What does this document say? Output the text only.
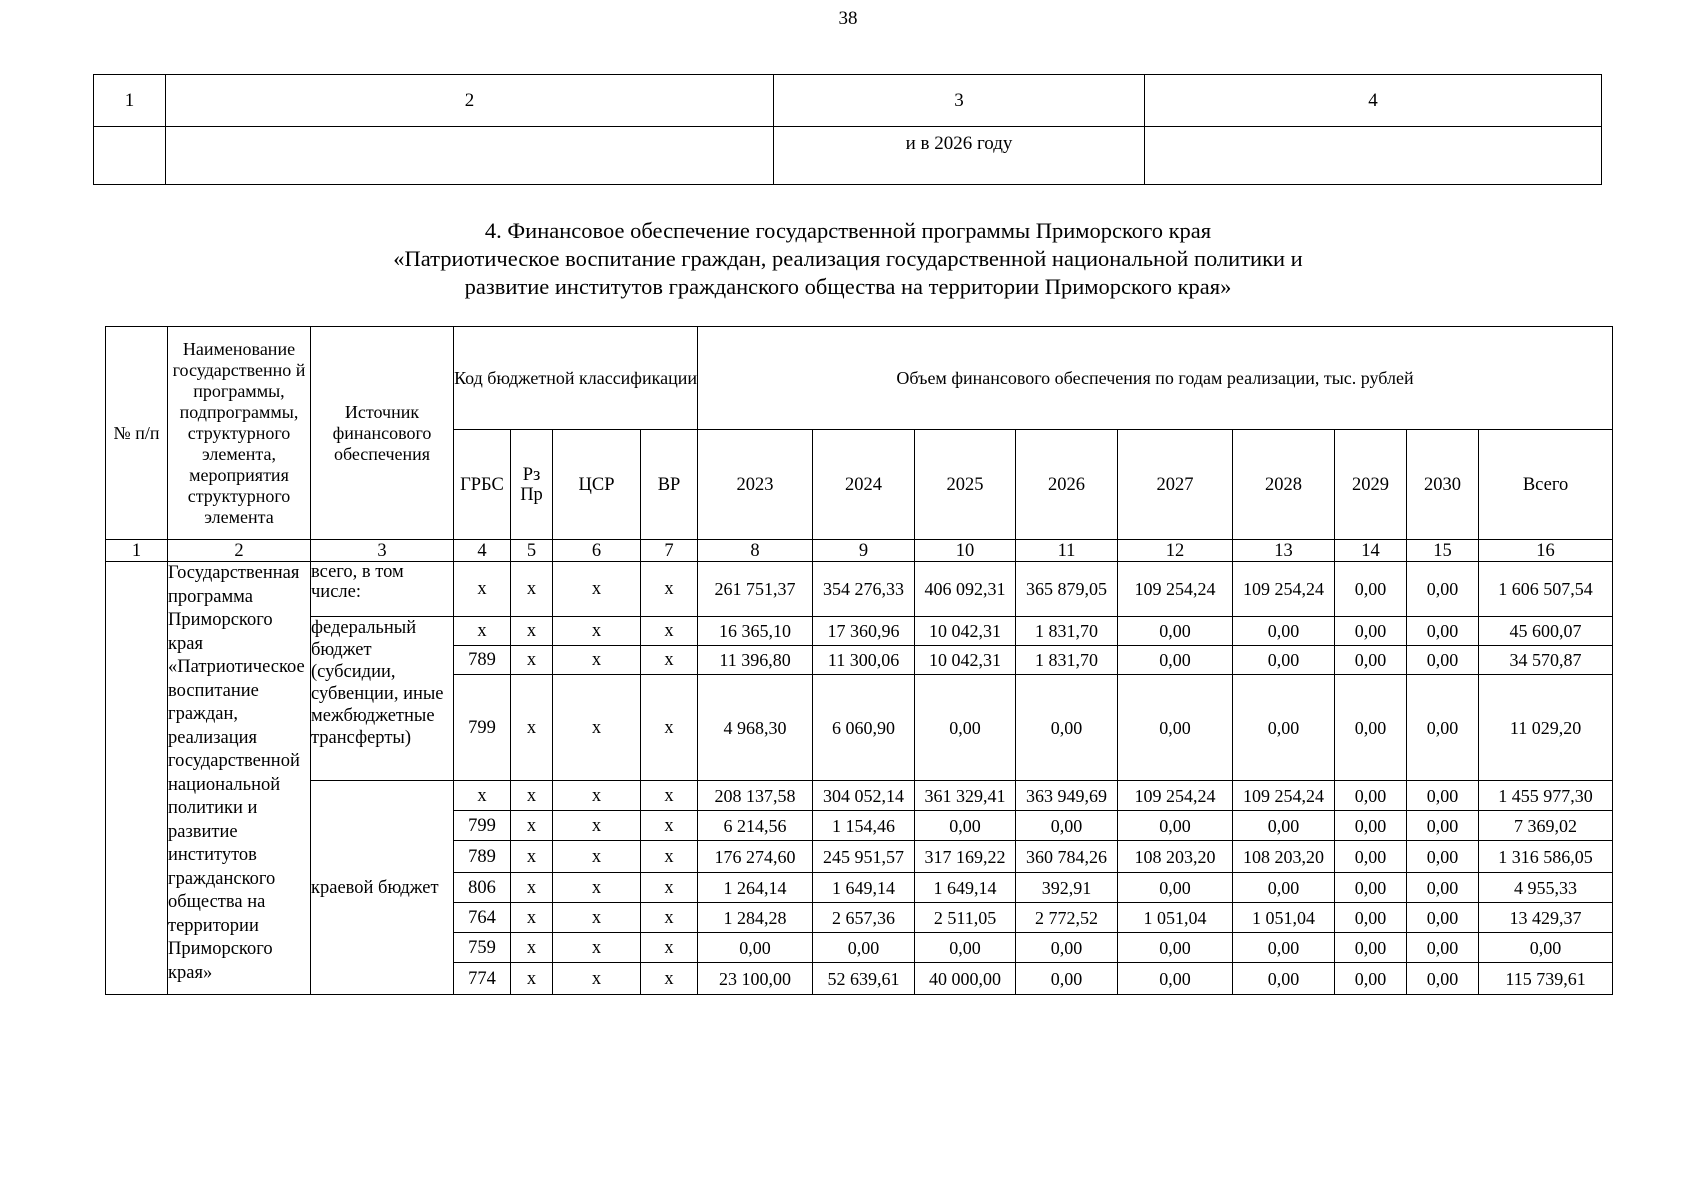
38
1	2	3	4
		и в 2026 году	
4. Финансовое обеспечение государственной программы Приморского края
«Патриотическое воспитание граждан, реализация государственной национальной политики и
развитие институтов гражданского общества на территории Приморского края»
№ п/п	Наименование государственно й программы, подпрограммы, структурного элемента, мероприятия структурного элемента	Источник финансового обеспечения	Код бюджетной классификации				Объем финансового обеспечения по годам реализации, тыс. рублей								
			ГРБС	Рз Пр	ЦСР	ВР	2023	2024	2025	2026	2027	2028	2029	2030	Всего
1	2	3	4	5	6	7	8	9	10	11	12	13	14	15	16
	Государственная программа Приморского края «Патриотическое воспитание граждан, реализация государственной национальной политики и развитие институтов гражданского общества на территории Приморского края»	всего, в том числе:	x	x	x	x	261 751,37	354 276,33	406 092,31	365 879,05	109 254,24	109 254,24	0,00	0,00	1 606 507,54
		федеральный бюджет (субсидии, субвенции, иные межбюджетные трансферты)	x	x	x	x	16 365,10	17 360,96	10 042,31	1 831,70	0,00	0,00	0,00	0,00	45 600,07
			789	x	x	x	11 396,80	11 300,06	10 042,31	1 831,70	0,00	0,00	0,00	0,00	34 570,87
			799	x	x	x	4 968,30	6 060,90	0,00	0,00	0,00	0,00	0,00	0,00	11 029,20
		краевой бюджет	x	x	x	x	208 137,58	304 052,14	361 329,41	363 949,69	109 254,24	109 254,24	0,00	0,00	1 455 977,30
			799	x	x	x	6 214,56	1 154,46	0,00	0,00	0,00	0,00	0,00	0,00	7 369,02
			789	x	x	x	176 274,60	245 951,57	317 169,22	360 784,26	108 203,20	108 203,20	0,00	0,00	1 316 586,05
			806	x	x	x	1 264,14	1 649,14	1 649,14	392,91	0,00	0,00	0,00	0,00	4 955,33
			764	x	x	x	1 284,28	2 657,36	2 511,05	2 772,52	1 051,04	1 051,04	0,00	0,00	13 429,37
			759	x	x	x	0,00	0,00	0,00	0,00	0,00	0,00	0,00	0,00	0,00
			774	x	x	x	23 100,00	52 639,61	40 000,00	0,00	0,00	0,00	0,00	0,00	115 739,61
